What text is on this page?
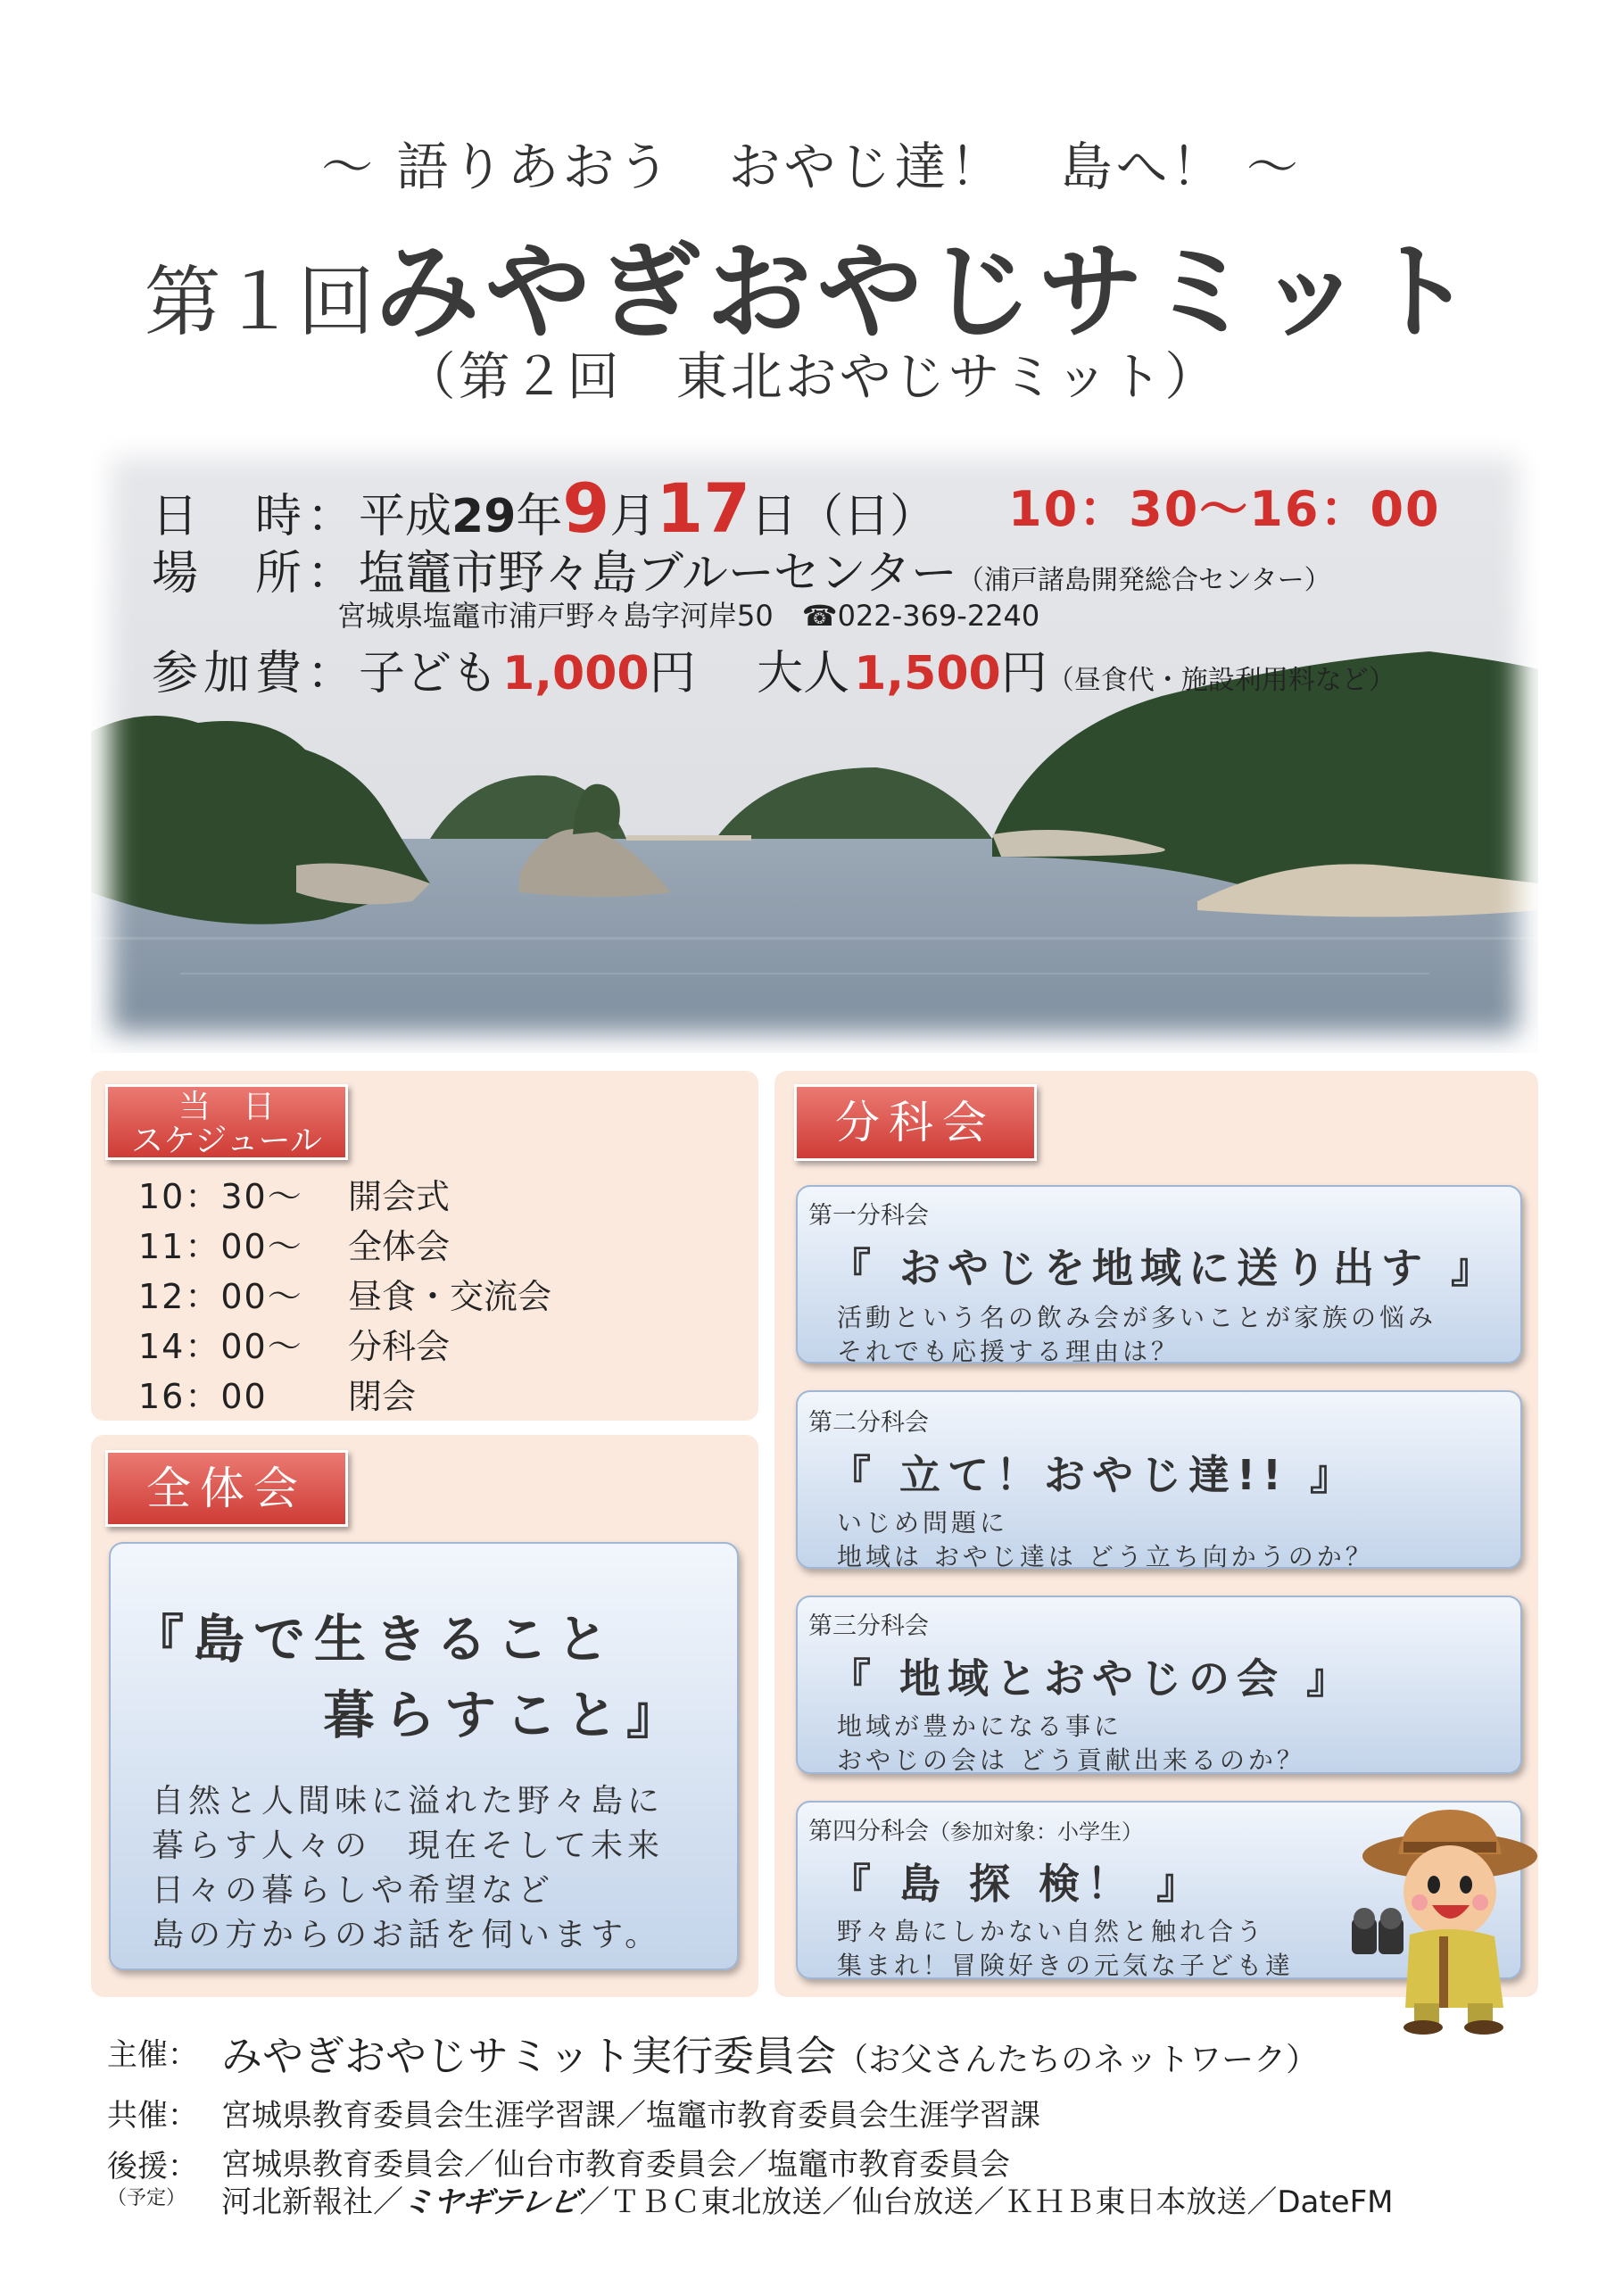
～ 語りあおう　おやじ達！　島へ！ ～
第１回みやぎおやじサミット
（第２回　東北おやじサミット）
日　時：平成29年9月17日（日） 10：30～16：00
場　所：塩竈市野々島ブルーセンター（浦戸諸島開発総合センター）
宮城県塩竈市浦戸野々島字河岸50　☎022-369-2240
参加費：子ども 1,000円　 大人 1,500円（昼食代・施設利用料など）
当　日
スケジュール
10：30～ 開会式
11：00～ 全体会
12：00～ 昼食・交流会
14：00～ 分科会
16：00 閉会
全体会
『島で生きること
暮らすこと』
自然と人間味に溢れた野々島に
暮らす人々の　現在そして未来
日々の暮らしや希望など
島の方からのお話を伺います。
分科会
第一分科会
『 おやじを地域に送り出す 』
活動という名の飲み会が多いことが家族の悩み
それでも応援する理由は？
第二分科会
『 立て！おやじ達!! 』
いじめ問題に
地域は おやじ達は どう立ち向かうのか？
第三分科会
『 地域とおやじの会 』
地域が豊かになる事に
おやじの会は どう貢献出来るのか？
第四分科会（参加対象：小学生）
『 島 探 検！ 』
野々島にしかない自然と触れ合う
集まれ！冒険好きの元気な子ども達
主催： みやぎおやじサミット実行委員会（お父さんたちのネットワーク）
共催： 宮城県教育委員会生涯学習課／塩竈市教育委員会生涯学習課
後援：
（予定）
宮城県教育委員会／仙台市教育委員会／塩竈市教育委員会
河北新報社／ミヤギテレビ／ＴＢＣ東北放送／仙台放送／ＫＨＢ東日本放送／DateFM
